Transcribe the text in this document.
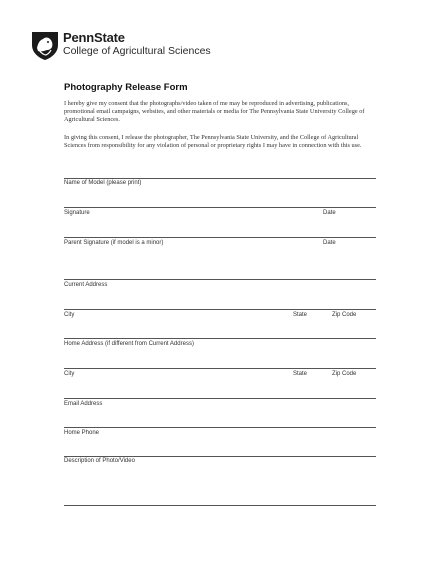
PennState
College of Agricultural Sciences
Photography Release Form
I hereby give my consent that the photographs/video taken of me may be reproduced in advertising, publications, promotional email campaigns, websites, and other materials or media for The Pennsylvania State University College of Agricultural Sciences.
In giving this consent, I release the photographer, The Pennsylvania State University, and the College of Agricultural Sciences from responsibility for any violation of personal or proprietary rights I may have in connection with this use.
Name of Model (please print)
Signature	Date
Parent Signature (if model is a minor)	Date
Current Address
City	State	Zip Code
Home Address (if different from Current Address)
City	State	Zip Code
Email Address
Home Phone
Description of Photo/Video
